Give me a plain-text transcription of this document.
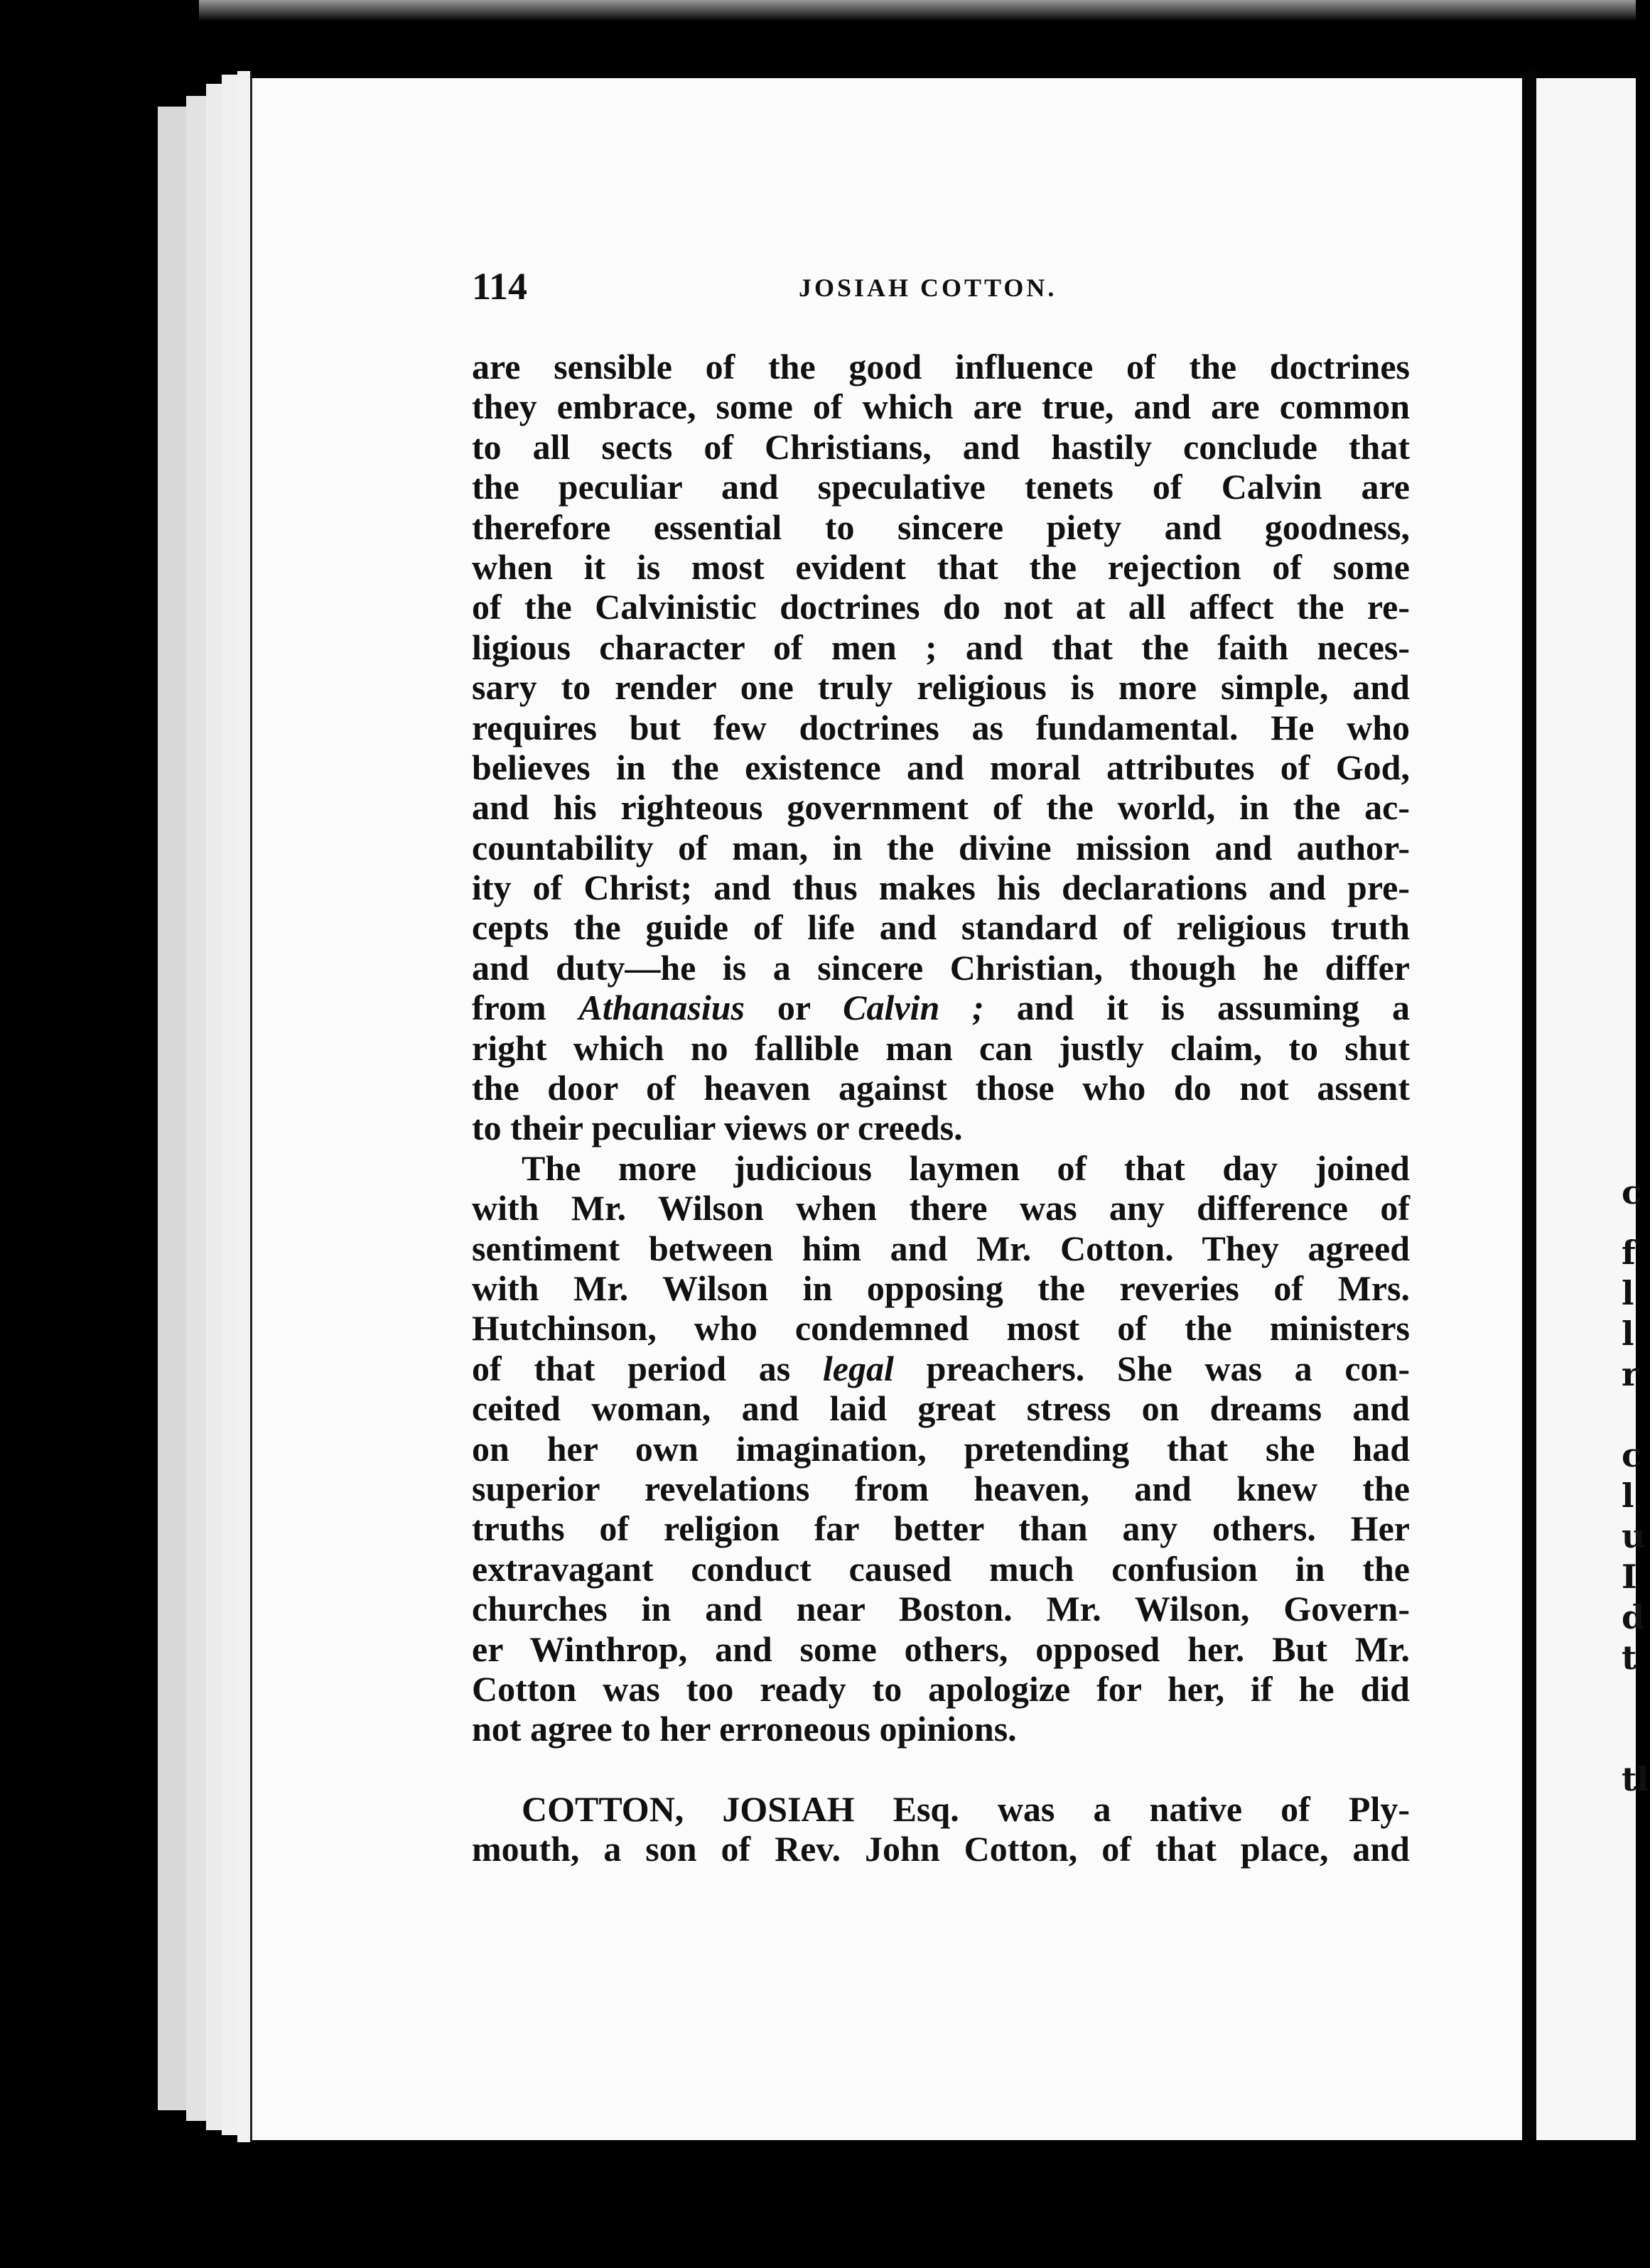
c
f
l
l
r
c
l
u
I
d
t
tl
114	JOSIAH COTTON.
are sensible of the good influence of the doctrines
they embrace, some of which are true, and are common
to all sects of Christians, and hastily conclude that
the peculiar and speculative tenets of Calvin are
therefore essential to sincere piety and goodness,
when it is most evident that the rejection of some
of the Calvinistic doctrines do not at all affect the re-
ligious character of men ; and that the faith neces-
sary to render one truly religious is more simple, and
requires but few doctrines as fundamental. He who
believes in the existence and moral attributes of God,
and his righteous government of the world, in the ac-
countability of man, in the divine mission and author-
ity of Christ; and thus makes his declarations and pre-
cepts the guide of life and standard of religious truth
and duty—he is a sincere Christian, though he differ
from Athanasius or Calvin ; and it is assuming a
right which no fallible man can justly claim, to shut
the door of heaven against those who do not assent
to their peculiar views or creeds.
The more judicious laymen of that day joined
with Mr. Wilson when there was any difference of
sentiment between him and Mr. Cotton. They agreed
with Mr. Wilson in opposing the reveries of Mrs.
Hutchinson, who condemned most of the ministers
of that period as legal preachers. She was a con-
ceited woman, and laid great stress on dreams and
on her own imagination, pretending that she had
superior revelations from heaven, and knew the
truths of religion far better than any others. Her
extravagant conduct caused much confusion in the
churches in and near Boston. Mr. Wilson, Govern-
er Winthrop, and some others, opposed her. But Mr.
Cotton was too ready to apologize for her, if he did
not agree to her erroneous opinions.
COTTON, JOSIAH Esq. was a native of Ply-
mouth, a son of Rev. John Cotton, of that place, and
